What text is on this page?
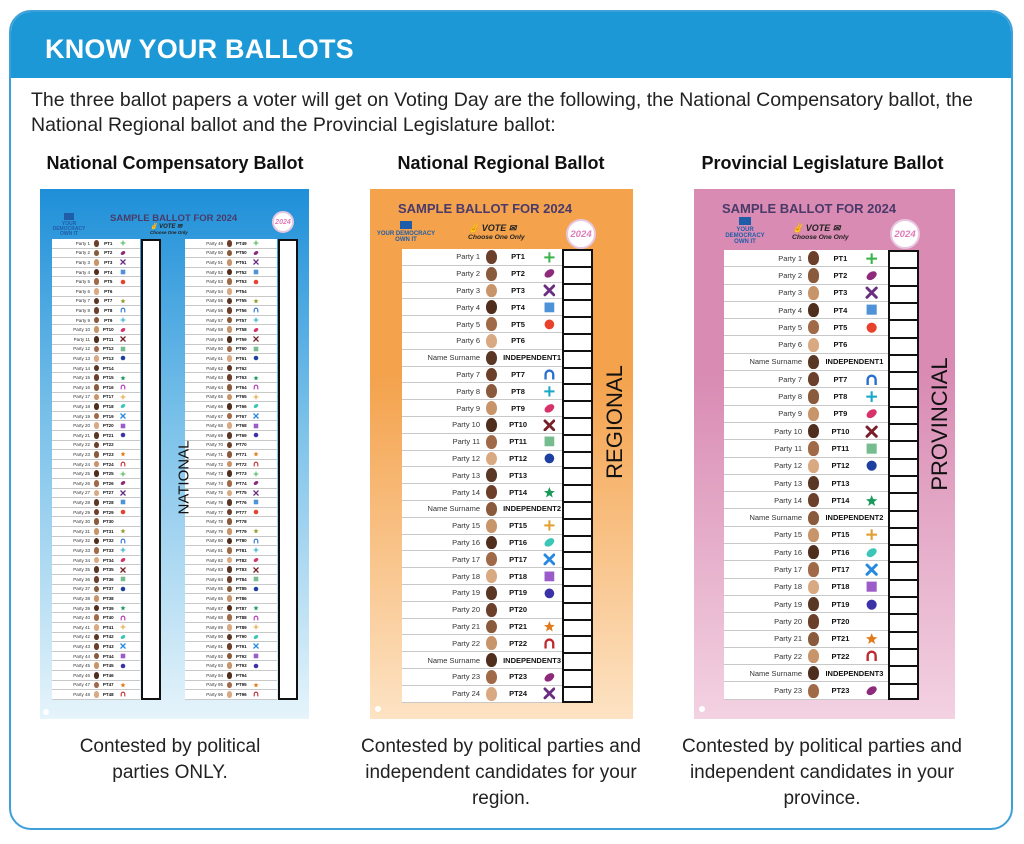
KNOW YOUR BALLOTS
The three ballot papers a voter will get on Voting Day are the following, the National Compensatory ballot, the National Regional ballot and the Provincial Legislature ballot:
National Compensatory Ballot
SAMPLE BALLOT FOR 2024
YOUR DEMOCRACY OWN IT
✌ VOTE ✉
Choose One Only
2024
Party 1	PT1
Party 2	PT2
Party 3	PT3
Party 4	PT4
Party 5	PT5
Party 6	PT6
Party 7	PT7
Party 8	PT8
Party 9	PT9
Party 10	PT10
Party 11	PT11
Party 12	PT12
Party 13	PT13
Party 14	PT14
Party 15	PT15
Party 16	PT16
Party 17	PT17
Party 18	PT18
Party 19	PT19
Party 20	PT20
Party 21	PT21
Party 22	PT22
Party 23	PT23
Party 24	PT24
Party 25	PT25
Party 26	PT26
Party 27	PT27
Party 28	PT28
Party 29	PT29
Party 30	PT30
Party 31	PT31
Party 32	PT32
Party 33	PT33
Party 34	PT34
Party 35	PT35
Party 36	PT36
Party 37	PT37
Party 38	PT38
Party 39	PT39
Party 40	PT40
Party 41	PT41
Party 42	PT42
Party 43	PT43
Party 44	PT44
Party 45	PT45
Party 46	PT46
Party 47	PT47
Party 48	PT48
Party 49	PT49
Party 50	PT50
Party 51	PT51
Party 52	PT52
Party 53	PT53
Party 54	PT54
Party 55	PT55
Party 56	PT56
Party 57	PT57
Party 58	PT58
Party 59	PT59
Party 60	PT60
Party 61	PT61
Party 62	PT62
Party 63	PT63
Party 64	PT64
Party 65	PT65
Party 66	PT66
Party 67	PT67
Party 68	PT68
Party 69	PT69
Party 70	PT70
Party 71	PT71
Party 72	PT72
Party 73	PT73
Party 74	PT74
Party 75	PT75
Party 76	PT76
Party 77	PT77
Party 78	PT78
Party 79	PT79
Party 80	PT80
Party 81	PT81
Party 82	PT82
Party 83	PT83
Party 84	PT84
Party 85	PT85
Party 86	PT86
Party 87	PT87
Party 88	PT88
Party 89	PT89
Party 90	PT90
Party 91	PT91
Party 92	PT92
Party 93	PT93
Party 94	PT94
Party 95	PT95
Party 96	PT96
NATIONAL
Contested by political parties ONLY.
National Regional Ballot
SAMPLE BALLOT FOR 2024
YOUR DEMOCRACY OWN IT
✌ VOTE ✉
Choose One Only	2024
Party 1	PT1
Party 2	PT2
Party 3	PT3
Party 4	PT4
Party 5	PT5
Party 6	PT6
Name Surname	INDEPENDENT1
Party 7	PT7
Party 8	PT8
Party 9	PT9
Party 10	PT10
Party 11	PT11
Party 12	PT12
Party 13	PT13
Party 14	PT14
Name Surname	INDEPENDENT2
Party 15	PT15
Party 16	PT16
Party 17	PT17
Party 18	PT18
Party 19	PT19
Party 20	PT20
Party 21	PT21
Party 22	PT22
Name Surname	INDEPENDENT3
Party 23	PT23
Party 24	PT24
REGIONAL
Contested by political parties and independent candidates for your region.
Provincial Legislature Ballot
SAMPLE BALLOT FOR 2024
YOUR DEMOCRACY OWN IT
✌ VOTE ✉
Choose One Only	2024
Party 1	PT1
Party 2	PT2
Party 3	PT3
Party 4	PT4
Party 5	PT5
Party 6	PT6
Name Surname	INDEPENDENT1
Party 7	PT7
Party 8	PT8
Party 9	PT9
Party 10	PT10
Party 11	PT11
Party 12	PT12
Party 13	PT13
Party 14	PT14
Name Surname	INDEPENDENT2
Party 15	PT15
Party 16	PT16
Party 17	PT17
Party 18	PT18
Party 19	PT19
Party 20	PT20
Party 21	PT21
Party 22	PT22
Name Surname	INDEPENDENT3
Party 23	PT23
PROVINCIAL
Contested by political parties and independent candidates in your province.
